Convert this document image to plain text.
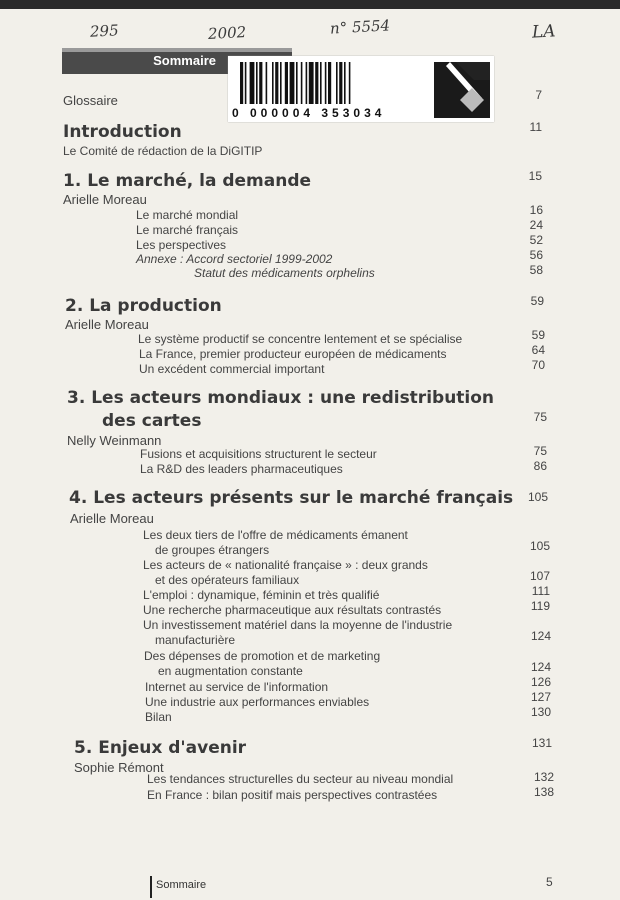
295	2002	n° 5554	LA
Sommaire
0 000004 353034
Glossaire	7
Introduction	11
Le Comité de rédaction de la DiGITIP
1. Le marché, la demande	15
Arielle Moreau
Le marché mondial	16
Le marché français	24
Les perspectives	52
Annexe : Accord sectoriel 1999-2002	56
Statut des médicaments orphelins	58
2. La production	59
Arielle Moreau
Le système productif se concentre lentement et se spécialise	59
La France, premier producteur européen de médicaments	64
Un excédent commercial important	70
3. Les acteurs mondiaux : une redistribution
des cartes	75
Nelly Weinmann
Fusions et acquisitions structurent le secteur	75
La R&D des leaders pharmaceutiques	86
4. Les acteurs présents sur le marché français	105
Arielle Moreau
Les deux tiers de l'offre de médicaments émanent
de groupes étrangers	105
Les acteurs de « nationalité française » : deux grands
et des opérateurs familiaux	107
L'emploi : dynamique, féminin et très qualifié	111
Une recherche pharmaceutique aux résultats contrastés	119
Un investissement matériel dans la moyenne de l'industrie
manufacturière	124
Des dépenses de promotion et de marketing
en augmentation constante	124
Internet au service de l'information	126
Une industrie aux performances enviables	127
Bilan	130
5. Enjeux d'avenir	131
Sophie Rémont
Les tendances structurelles du secteur au niveau mondial	132
En France : bilan positif mais perspectives contrastées	138
Sommaire	5
